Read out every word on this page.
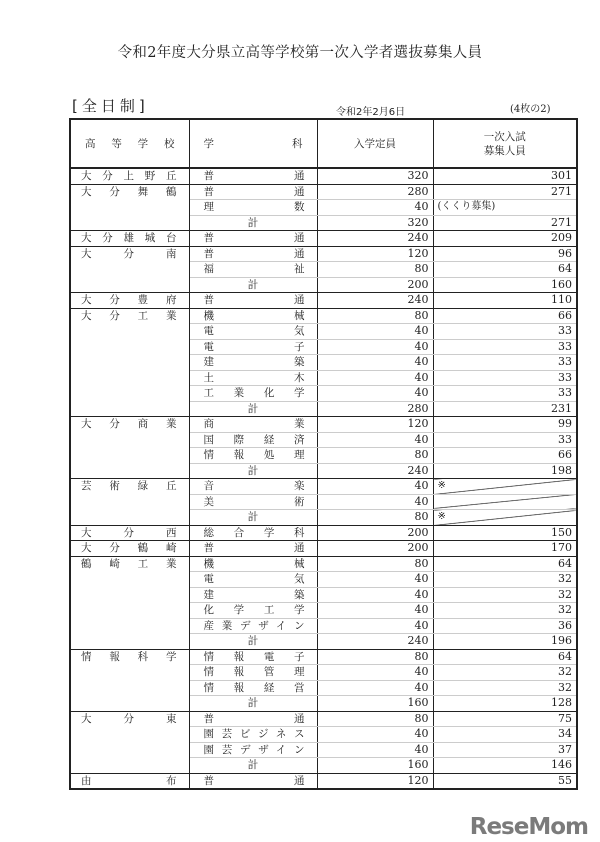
令和2年度大分県立高等学校第一次入学者選抜募集人員
[全日制]	令和2年2月6日	(4枚の2)
高等学校	学科	入学定員	一次入試
募集人員
大分上野丘	普通	320	301
大分舞鶴	普通	280	271
	理数	40	(くくり募集)
	計	320	271
大分雄城台	普通	240	209
大分南	普通	120	96
	福祉	80	64
	計	200	160
大分豊府	普通	240	110
大分工業	機械	80	66
	電気	40	33
	電子	40	33
	建築	40	33
	土木	40	33
	工業化学	40	33
	計	280	231
大分商業	商業	120	99
	国際経済	40	33
	情報処理	80	66
	計	240	198
芸術緑丘	音楽	40	※
	美術	40	
	計	80	※
大分西	総合学科	200	150
大分鶴崎	普通	200	170
鶴崎工業	機械	80	64
	電気	40	32
	建築	40	32
	化学工学	40	32
	産業デザイン	40	36
	計	240	196
情報科学	情報電子	80	64
	情報管理	40	32
	情報経営	40	32
	計	160	128
大分東	普通	80	75
	園芸ビジネス	40	34
	園芸デザイン	40	37
	計	160	146
由布	普通	120	55
ReseMom
